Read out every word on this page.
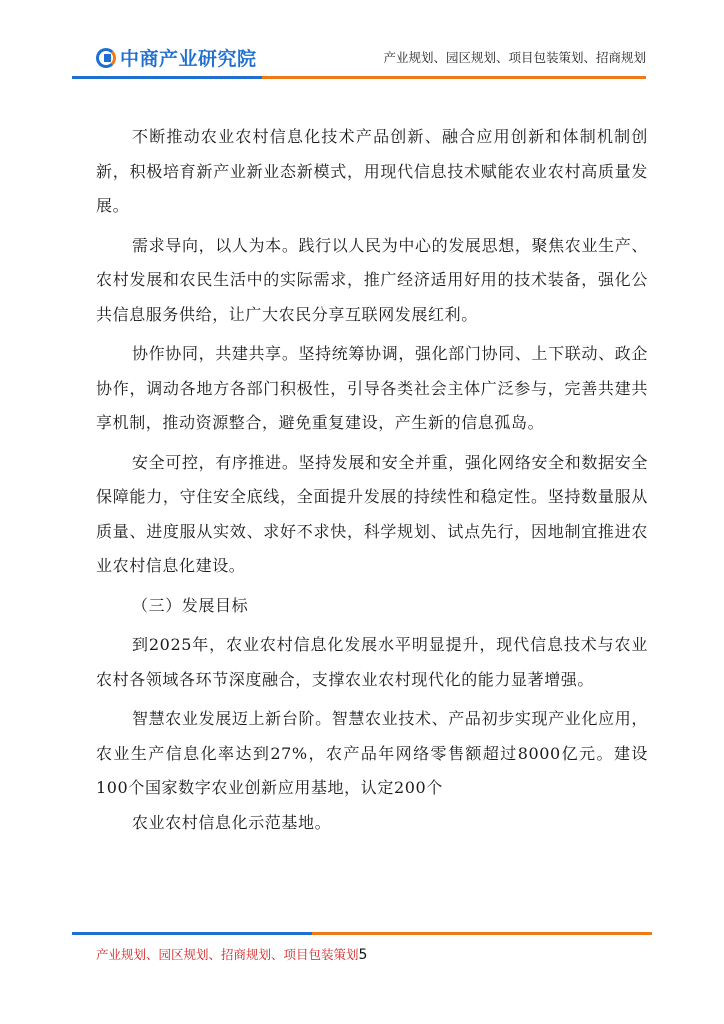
中商产业研究院	产业规划、园区规划、项目包装策划、招商规划

不断推动农业农村信息化技术产品创新、融合应用创新和体制机制创新，积极培育新产业新业态新模式，用现代信息技术赋能农业农村高质量发展。

需求导向，以人为本。践行以人民为中心的发展思想，聚焦农业生产、农村发展和农民生活中的实际需求，推广经济适用好用的技术装备，强化公共信息服务供给，让广大农民分享互联网发展红利。

协作协同，共建共享。坚持统筹协调，强化部门协同、上下联动、政企协作，调动各地方各部门积极性，引导各类社会主体广泛参与，完善共建共享机制，推动资源整合，避免重复建设，产生新的信息孤岛。

安全可控，有序推进。坚持发展和安全并重，强化网络安全和数据安全保障能力，守住安全底线，全面提升发展的持续性和稳定性。坚持数量服从质量、进度服从实效、求好不求快，科学规划、试点先行，因地制宜推进农业农村信息化建设。

（三）发展目标

到2025年，农业农村信息化发展水平明显提升，现代信息技术与农业农村各领域各环节深度融合，支撑农业农村现代化的能力显著增强。

智慧农业发展迈上新台阶。智慧农业技术、产品初步实现产业化应用，农业生产信息化率达到27%，农产品年网络零售额超过8000亿元。建设100个国家数字农业创新应用基地，认定200个

农业农村信息化示范基地。

产业规划、园区规划、招商规划、项目包装策划5
